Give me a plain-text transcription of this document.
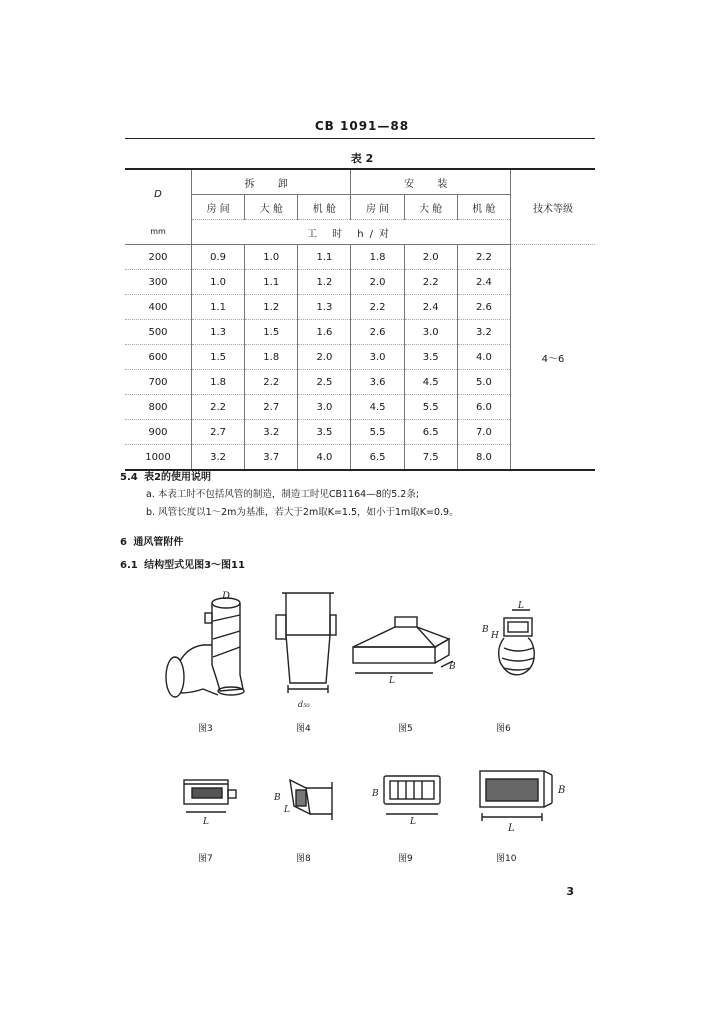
CB 1091—88
表 2
D	拆 卸			安 装			技术等级
	房 间	大 舱	机 舱	房 间	大 舱	机 舱	
mm	工 时 h/对						
200	0.9	1.0	1.1	1.8	2.0	2.2	4～6
300	1.0	1.1	1.2	2.0	2.2	2.4	
400	1.1	1.2	1.3	2.2	2.4	2.6	
500	1.3	1.5	1.6	2.6	3.0	3.2	
600	1.5	1.8	2.0	3.0	3.5	4.0	
700	1.8	2.2	2.5	3.6	4.5	5.0	
800	2.2	2.7	3.0	4.5	5.5	6.0	
900	2.7	3.2	3.5	5.5	6.5	7.0	
1000	3.2	3.7	4.0	6.5	7.5	8.0	
5.4 表2的使用说明
a. 本表工时不包括风管的制造，制造工时见CB1164—8的5.2条;
b. 风管长度以1～2m为基准，若大于2m取K=1.5，如小于1m取K=0.9。
6 通风管附件
6.1 结构型式见图3～图11
D
图3
d₅₀
图4
L
B
图5
B
H
L
图6
L
图7
B
L
图8
B
L
图9
B
L
图10
3
